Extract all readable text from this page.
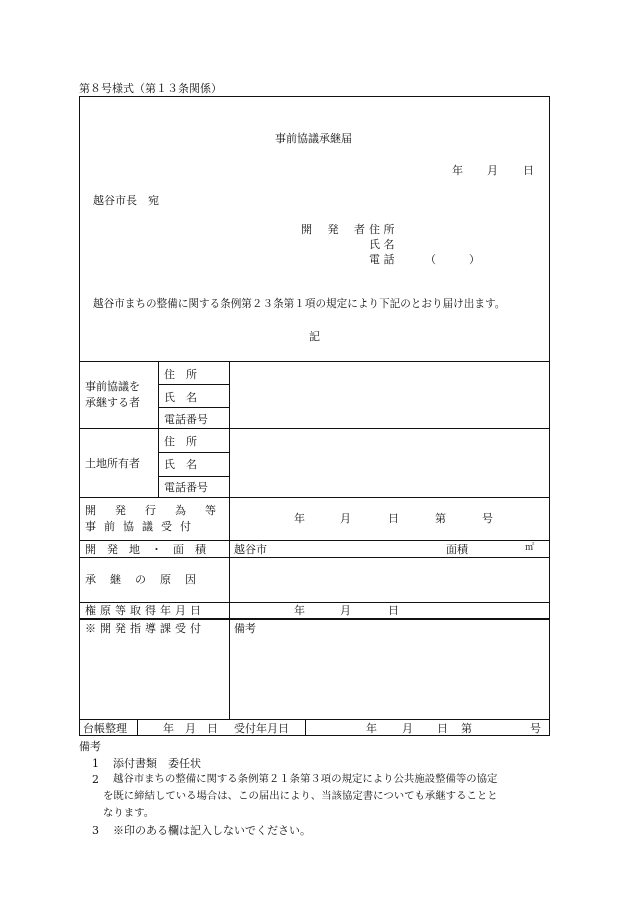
第８号様式（第１３条関係）
事前協議承継届
年 月 日
越谷市長　宛
開 発 者
住 所
氏 名
電 話	（　　　）
越谷市まちの整備に関する条例第２３条第１項の規定により下記のとおり届け出ます。
記
事前協議を
承継する者
住　所
氏　名
電話番号
土地所有者
住　所
氏　名
電話番号
開発行為等
事前協議受付
年	月	日	第	号
開発地・面積 越谷市	面積	㎡
承継の原因
権原等取得年月日	年	月	日
※開発指導課受付	備考
台帳整理	年　月　日 受付年月日	年 月 日 第	号
備考
1 添付書類　委任状
2 越谷市まちの整備に関する条例第２１条第３項の規定により公共施設整備等の協定
を既に締結している場合は、この届出により、当該協定書についても承継することと
なります。
3 ※印のある欄は記入しないでください。
